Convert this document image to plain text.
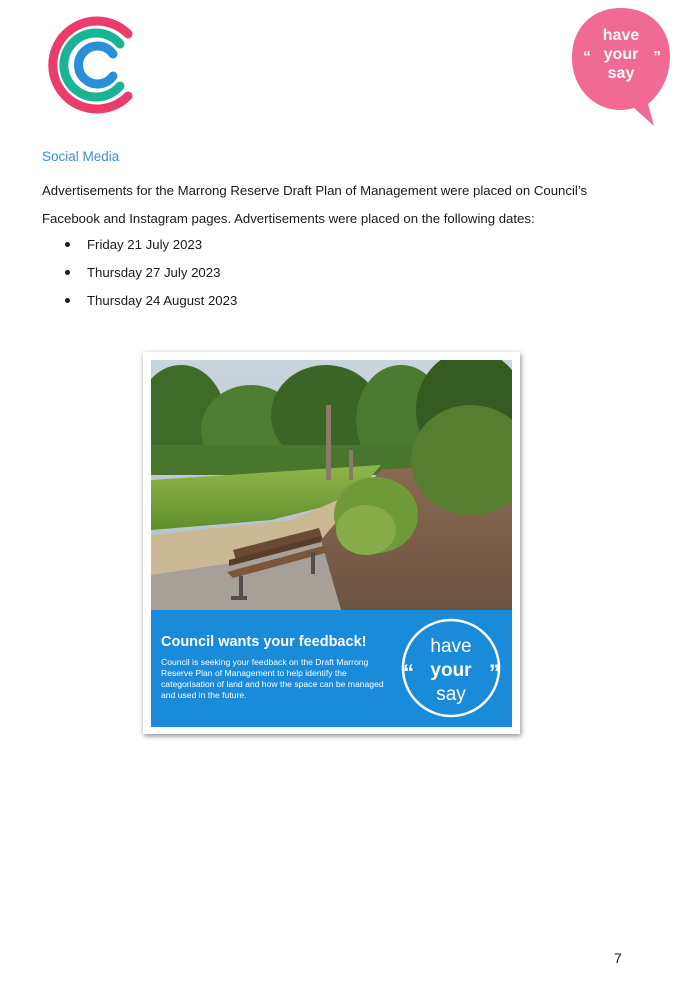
have
your
say
“	”
Social Media
Advertisements for the Marrong Reserve Draft Plan of Management were placed on Council’s
Facebook and Instagram pages. Advertisements were placed on the following dates:
Friday 21 July 2023
Thursday 27 July 2023
Thursday 24 August 2023

Council wants your feedback!

Council is seeking your feedback on the Draft Marrong Reserve Plan of Management to help identify the categorisation of land and how the space can be managed and used in the future.

have
your
say
“	”
7
